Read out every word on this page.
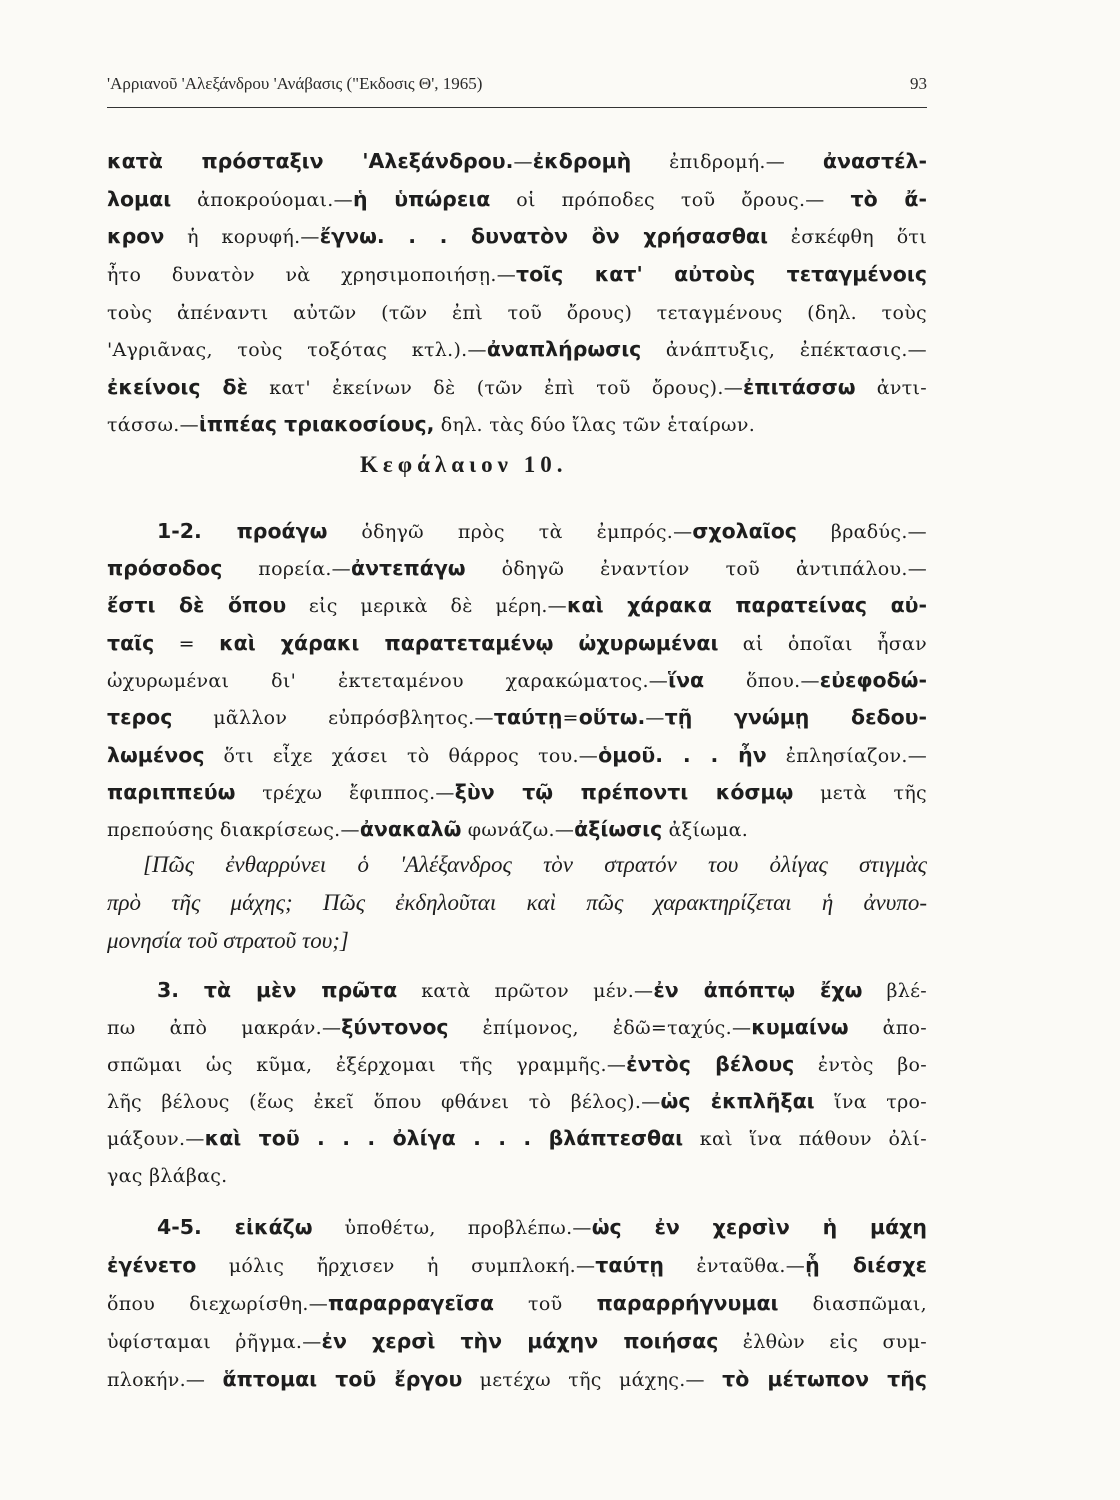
'Αρριανοῦ 'Αλεξάνδρου 'Ανάβασις ("Εκδοσις Θ', 1965)	93
Κεφάλαιον 10.
κατὰ πρόσταξιν 'Αλεξάνδρου.—ἐκδρομὴ ἐπιδρομή.— ἀναστέλ-
λομαι ἀποκρούομαι.—ἡ ὑπώρεια οἱ πρόποδες τοῦ ὄρους.— τὸ ἄ-
κρον ἡ κορυφή.—ἔγνω. . . δυνατὸν ὂν χρήσασθαι ἐσκέφθη ὅτι
ἦτο δυνατὸν νὰ χρησιμοποιήσῃ.—τοῖς κατ' αὐτοὺς τεταγμένοις
τοὺς ἀπέναντι αὐτῶν (τῶν ἐπὶ τοῦ ὄρους) τεταγμένους (δηλ. τοὺς
'Αγριᾶνας, τοὺς τοξότας κτλ.).—ἀναπλήρωσις ἀνάπτυξις, ἐπέκτασις.—
ἐκείνοις δὲ κατ' ἐκείνων δὲ (τῶν ἐπὶ τοῦ ὄρους).—ἐπιτάσσω ἀντι-
τάσσω.—ἱππέας τριακοσίους, δηλ. τὰς δύο ἴλας τῶν ἑταίρων.
1-2. προάγω ὁδηγῶ πρὸς τὰ ἐμπρός.—σχολαῖος βραδύς.—
πρόσοδος πορεία.—ἀντεπάγω ὁδηγῶ ἐναντίον τοῦ ἀντιπάλου.—
ἔστι δὲ ὅπου εἰς μερικὰ δὲ μέρη.—καὶ χάρακα παρατείνας αὐ-
ταῖς = καὶ χάρακι παρατεταμένῳ ὠχυρωμέναι αἱ ὁποῖαι ἦσαν
ὠχυρωμέναι δι' ἐκτεταμένου χαρακώματος.—ἵνα ὅπου.—εὐεφοδώ-
τερος μᾶλλον εὐπρόσβλητος.—ταύτῃ=οὕτω.—τῇ γνώμῃ δεδου-
λωμένος ὅτι εἶχε χάσει τὸ θάρρος του.—ὁμοῦ. . . ἦν ἐπλησίαζον.—
παριππεύω τρέχω ἔφιππος.—ξὺν τῷ πρέποντι κόσμῳ μετὰ τῆς
πρεπούσης διακρίσεως.—ἀνακαλῶ φωνάζω.—ἀξίωσις ἀξίωμα.
[Πῶς ἐνθαρρύνει ὁ 'Αλέξανδρος τὸν στρατόν του ὀλίγας στιγμὰς
πρὸ τῆς μάχης; Πῶς ἐκδηλοῦται καὶ πῶς χαρακτηρίζεται ἡ ἀνυπο-
μονησία τοῦ στρατοῦ του;]
3. τὰ μὲν πρῶτα κατὰ πρῶτον μέν.—ἐν ἀπόπτῳ ἔχω βλέ-
πω ἀπὸ μακράν.—ξύντονος ἐπίμονος, ἐδῶ=ταχύς.—κυμαίνω ἀπο-
σπῶμαι ὡς κῦμα, ἐξέρχομαι τῆς γραμμῆς.—ἐντὸς βέλους ἐντὸς βο-
λῆς βέλους (ἕως ἐκεῖ ὅπου φθάνει τὸ βέλος).—ὡς ἐκπλῆξαι ἵνα τρο-
μάξουν.—καὶ τοῦ . . . ὀλίγα . . . βλάπτεσθαι καὶ ἵνα πάθουν ὀλί-
γας βλάβας.
4-5. εἰκάζω ὑποθέτω, προβλέπω.—ὡς ἐν χερσὶν ἡ μάχη
ἐγένετο μόλις ἤρχισεν ἡ συμπλοκή.—ταύτῃ ἐνταῦθα.—ᾗ διέσχε
ὅπου διεχωρίσθη.—παραρραγεῖσα τοῦ παραρρήγνυμαι διασπῶμαι,
ὑφίσταμαι ῥῆγμα.—ἐν χερσὶ τὴν μάχην ποιήσας ἐλθὼν εἰς συμ-
πλοκήν.— ἅπτομαι τοῦ ἔργου μετέχω τῆς μάχης.— τὸ μέτωπον τῆς
